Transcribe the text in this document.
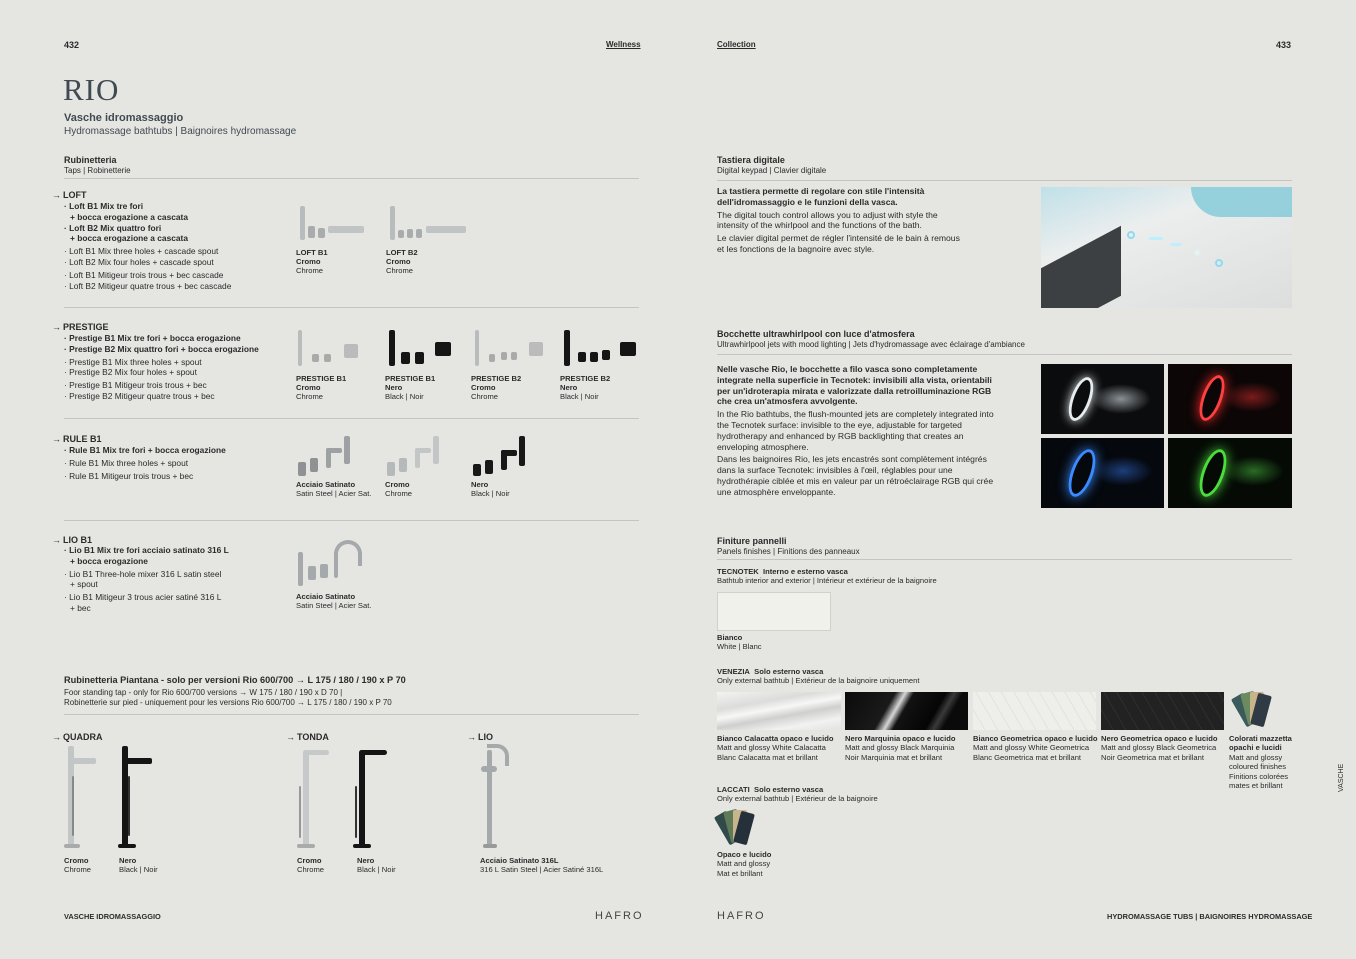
432	Wellness
RIO
Vasche idromassaggio
Hydromassage bathtubs | Baignoires hydromassage
Rubinetteria
Taps | Robinetterie
→ LOFT
· Loft B1 Mix tre fori
+ bocca erogazione a cascata
· Loft B2 Mix quattro fori
+ bocca erogazione a cascata
· Loft B1 Mix three holes + cascade spout
· Loft B2 Mix four holes + cascade spout
· Loft B1 Mitigeur trois trous + bec cascade
· Loft B2 Mitigeur quatre trous + bec cascade
LOFT B1
Cromo
Chrome
LOFT B2
Cromo
Chrome
→ PRESTIGE
· Prestige B1 Mix tre fori + bocca erogazione
· Prestige B2 Mix quattro fori + bocca erogazione
· Prestige B1 Mix three holes + spout
· Prestige B2 Mix four holes + spout
· Prestige B1 Mitigeur trois trous + bec
· Prestige B2 Mitigeur quatre trous + bec
PRESTIGE B1
Cromo
Chrome
PRESTIGE B1
Nero
Black | Noir
PRESTIGE B2
Cromo
Chrome
PRESTIGE B2
Nero
Black | Noir
→ RULE B1
· Rule B1 Mix tre fori + bocca erogazione
· Rule B1 Mix three holes + spout
· Rule B1 Mitigeur trois trous + bec
Acciaio Satinato
Satin Steel | Acier Sat.
Cromo
Chrome
Nero
Black | Noir
→ LIO B1
· Lio B1 Mix tre fori acciaio satinato 316 L
+ bocca erogazione
· Lio B1 Three-hole mixer 316 L satin steel
+ spout
· Lio B1 Mitigeur 3 trous acier satiné 316 L
+ bec
Acciaio Satinato
Satin Steel | Acier Sat.
Rubinetteria Piantana - solo per versioni Rio 600/700 → L 175 / 180 / 190 x P 70
Foor standing tap - only for Rio 600/700 versions → W 175 / 180 / 190 x D 70 |
Robinetterie sur pied - uniquement pour les versions Rio 600/700 → L 175 / 180 / 190 x P 70
→ QUADRA	→ TONDA	→ LIO
Cromo
Chrome
Nero
Black | Noir
Cromo
Chrome
Nero
Black | Noir
Acciaio Satinato 316L
316 L Satin Steel | Acier Satiné 316L
VASCHE IDROMASSAGGIO	HAFRO
Collection	433
Tastiera digitale
Digital keypad | Clavier digitale

La tastiera permette di regolare con stile l'intensità dell'idromassaggio e le funzioni della vasca.

The digital touch control allows you to adjust with style the intensity of the whirlpool and the functions of the bath.

Le clavier digital permet de régler l'intensité de le bain à remous et les fonctions de la bagnoire avec style.	✳
Bocchette ultrawhirlpool con luce d'atmosfera
Ultrawhirlpool jets with mood lighting | Jets d'hydromassage avec éclairage d'ambiance

Nelle vasche Rio, le bocchette a filo vasca sono completamente integrate nella superficie in Tecnotek: invisibili alla vista, orientabili per un'idroterapia mirata e valorizzate dalla retroilluminazione RGB che crea un'atmosfera avvolgente.

In the Rio bathtubs, the flush-mounted jets are completely integrated into the Tecnotek surface: invisible to the eye, adjustable for targeted hydrotherapy and enhanced by RGB backlighting that creates an enveloping atmosphere.

Dans les baignoires Rio, les jets encastrés sont complètement intégrés dans la surface Tecnotek: invisibles à l'œil, réglables pour une hydrothérapie ciblée et mis en valeur par un rétroéclairage RGB qui crée une atmosphère enveloppante.

Finiture pannelli
Panels finishes | Finitions des panneaux
TECNOTEK Interno e esterno vasca
Bathtub interior and exterior | Intérieur et extérieur de la baignoire
Bianco
White | Blanc
VENEZIA Solo esterno vasca
Only external bathtub | Extérieur de la baignoire uniquement
Bianco Calacatta opaco e lucido
Matt and glossy White Calacatta
Blanc Calacatta mat et brillant
Nero Marquinia opaco e lucido
Matt and glossy Black Marquinia
Noir Marquinia mat et brillant
Bianco Geometrica opaco e lucido
Matt and glossy White Geometrica
Blanc Geometrica mat et brillant
Nero Geometrica opaco e lucido
Matt and glossy Black Geometrica
Noir Geometrica mat et brillant
Colorati mazzetta
opachi e lucidi
Matt and glossy
coloured finishes
Finitions colorées
mates et brillant
LACCATI Solo esterno vasca
Only external bathtub | Extérieur de la baignoire
Opaco e lucido
Matt and glossy
Mat et brillant
VASCHE
HAFRO	HYDROMASSAGE TUBS | BAIGNOIRES HYDROMASSAGE
